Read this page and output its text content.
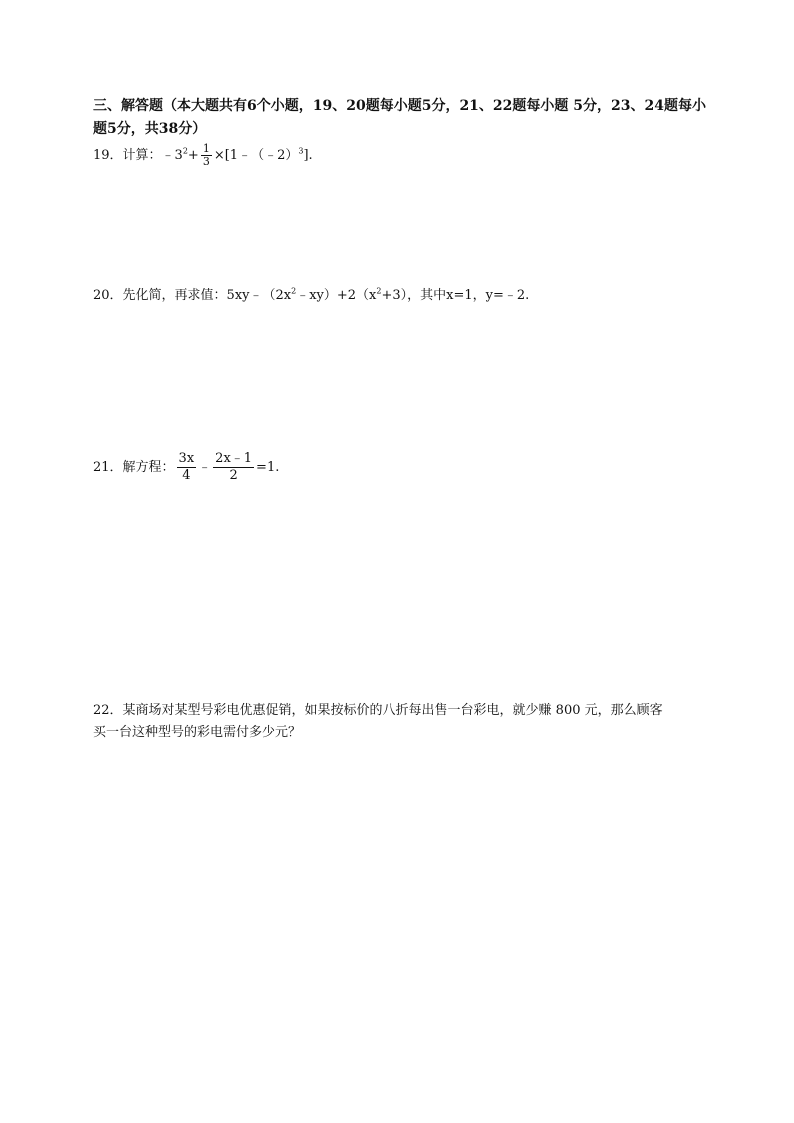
三、解答题（本大题共有6个小题，19、20题每小题5分，21、22题每小题 5分，23、24题每小
题5分，共38分）
19．计算：$﹣3^2+ \frac{1}{3}$ ×[1﹣（﹣2）$^3$].
20．先化简，再求值：$5xy﹣(2x^2﹣xy)+2(x^2+3)$，其中x=1，y=﹣2.
21．解方程： $\frac{3x}{4}$ ﹣ $\frac{2x﹣1}{2} =1$.
22．某商场对某型号彩电优惠促销，如果按标价的八折每出售一台彩电，就少赚 800 元，那么顾客
买一台这种型号的彩电需付多少元？
